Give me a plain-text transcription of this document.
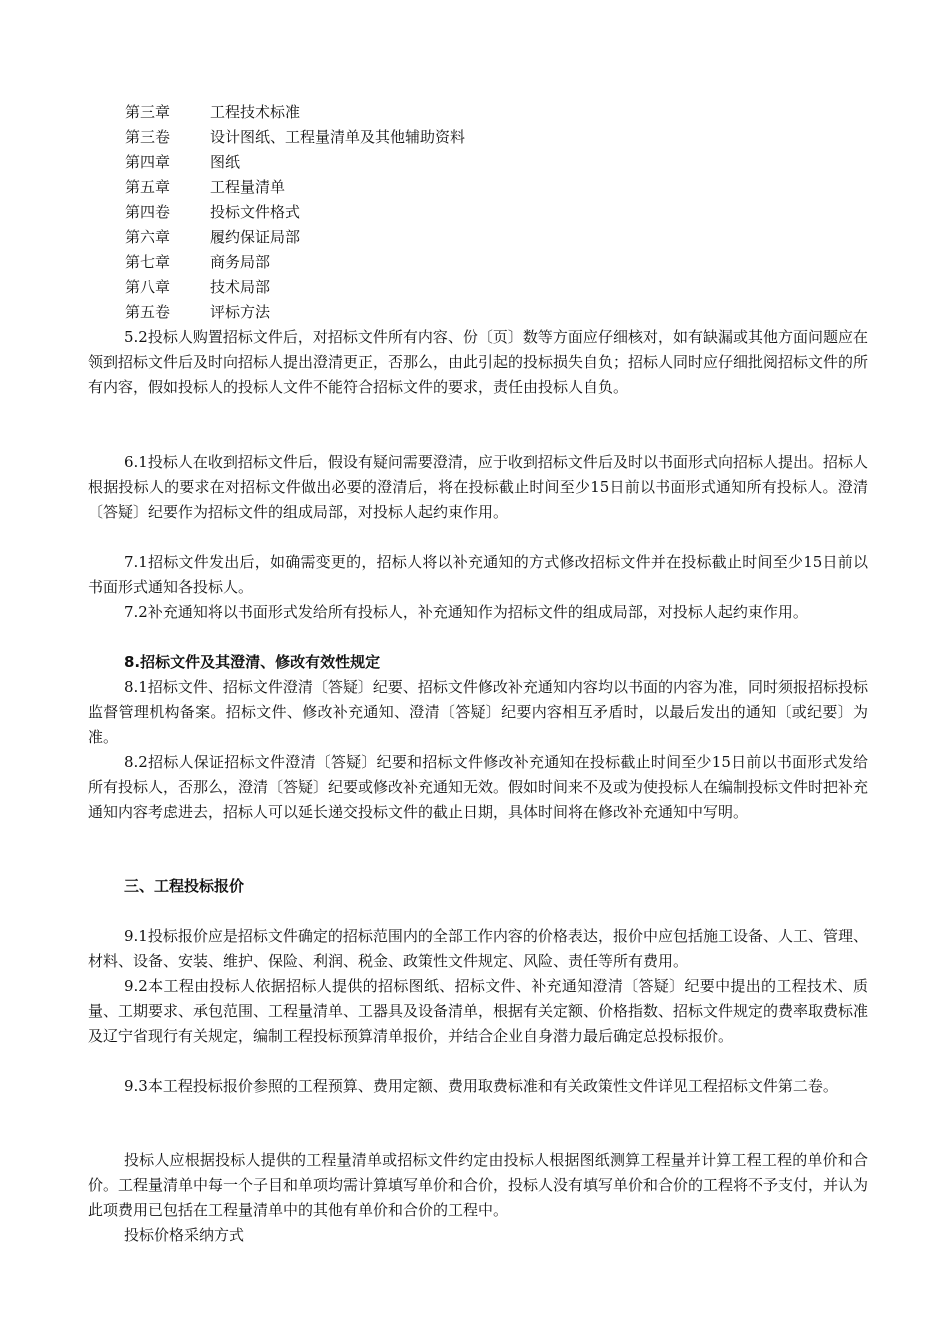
第三章	工程技术标准
第三卷	设计图纸、工程量清单及其他辅助资料
第四章	图纸
第五章	工程量清单
第四卷	投标文件格式
第六章	履约保证局部
第七章	商务局部
第八章	技术局部
第五卷	评标方法

5.2投标人购置招标文件后，对招标文件所有内容、份〔页〕数等方面应仔细核对，如有缺漏或其他方面问题应在领到招标文件后及时向招标人提出澄清更正，否那么，由此引起的投标损失自负；招标人同时应仔细批阅招标文件的所有内容，假如投标人的投标人文件不能符合招标文件的要求，责任由投标人自负。

6.1投标人在收到招标文件后，假设有疑问需要澄清，应于收到招标文件后及时以书面形式向招标人提出。招标人根据投标人的要求在对招标文件做出必要的澄清后，将在投标截止时间至少15日前以书面形式通知所有投标人。澄清〔答疑〕纪要作为招标文件的组成局部，对投标人起约束作用。

7.1招标文件发出后，如确需变更的，招标人将以补充通知的方式修改招标文件并在投标截止时间至少15日前以书面形式通知各投标人。

7.2补充通知将以书面形式发给所有投标人，补充通知作为招标文件的组成局部，对投标人起约束作用。

8.招标文件及其澄清、修改有效性规定

8.1招标文件、招标文件澄清〔答疑〕纪要、招标文件修改补充通知内容均以书面的内容为准，同时须报招标投标监督管理机构备案。招标文件、修改补充通知、澄清〔答疑〕纪要内容相互矛盾时，以最后发出的通知〔或纪要〕为准。

8.2招标人保证招标文件澄清〔答疑〕纪要和招标文件修改补充通知在投标截止时间至少15日前以书面形式发给所有投标人，否那么，澄清〔答疑〕纪要或修改补充通知无效。假如时间来不及或为使投标人在编制投标文件时把补充通知内容考虑进去，招标人可以延长递交投标文件的截止日期，具体时间将在修改补充通知中写明。

三、工程投标报价

9.1投标报价应是招标文件确定的招标范围内的全部工作内容的价格表达，报价中应包括施工设备、人工、管理、材料、设备、安装、维护、保险、利润、税金、政策性文件规定、风险、责任等所有费用。

9.2本工程由投标人依据招标人提供的招标图纸、招标文件、补充通知澄清〔答疑〕纪要中提出的工程技术、质量、工期要求、承包范围、工程量清单、工器具及设备清单，根据有关定额、价格指数、招标文件规定的费率取费标准及辽宁省现行有关规定，编制工程投标预算清单报价，并结合企业自身潜力最后确定总投标报价。

9.3本工程投标报价参照的工程预算、费用定额、费用取费标准和有关政策性文件详见工程招标文件第二卷。

投标人应根据投标人提供的工程量清单或招标文件约定由投标人根据图纸测算工程量并计算工程工程的单价和合价。工程量清单中每一个子目和单项均需计算填写单价和合价，投标人没有填写单价和合价的工程将不予支付，并认为此项费用已包括在工程量清单中的其他有单价和合价的工程中。

投标价格采纳方式
